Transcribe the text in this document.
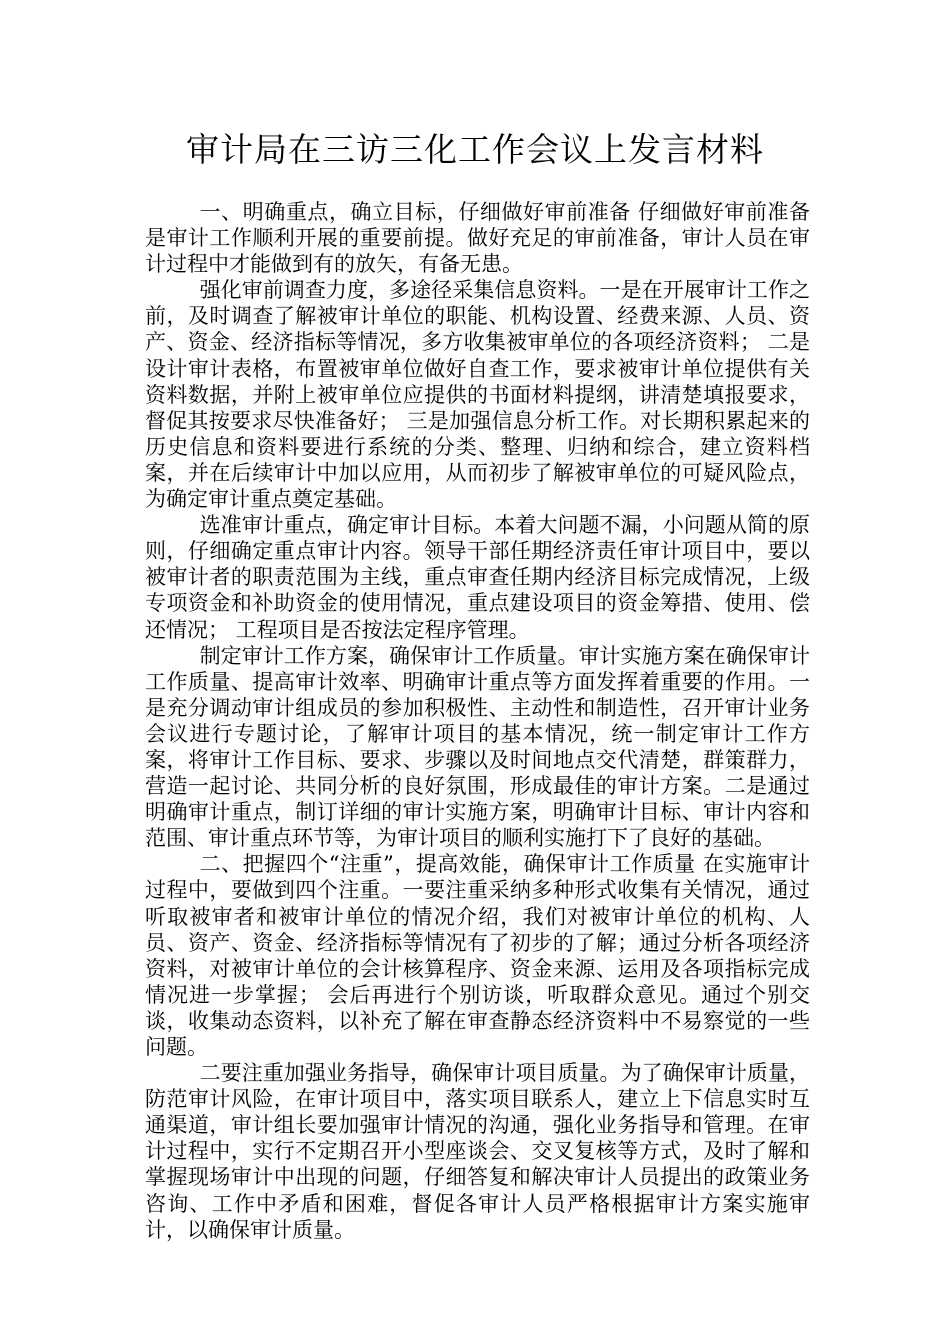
审计局在三访三化工作会议上发言材料

一、明确重点，确立目标，仔细做好审前准备 仔细做好审前准备是审计工作顺利开展的重要前提。做好充足的审前准备，审计人员在审计过程中才能做到有的放矢，有备无患。

强化审前调查力度，多途径采集信息资料。一是在开展审计工作之前，及时调查了解被审计单位的职能、机构设置、经费来源、人员、资产、资金、经济指标等情况，多方收集被审单位的各项经济资料； 二是设计审计表格，布置被审单位做好自查工作，要求被审计单位提供有关资料数据，并附上被审单位应提供的书面材料提纲，讲清楚填报要求，督促其按要求尽快准备好； 三是加强信息分析工作。对长期积累起来的历史信息和资料要进行系统的分类、整理、归纳和综合，建立资料档案，并在后续审计中加以应用，从而初步了解被审单位的可疑风险点，为确定审计重点奠定基础。

选准审计重点，确定审计目标。本着大问题不漏，小问题从简的原则，仔细确定重点审计内容。领导干部任期经济责任审计项目中，要以被审计者的职责范围为主线，重点审查任期内经济目标完成情况，上级专项资金和补助资金的使用情况，重点建设项目的资金筹措、使用、偿还情况； 工程项目是否按法定程序管理。

制定审计工作方案，确保审计工作质量。审计实施方案在确保审计工作质量、提高审计效率、明确审计重点等方面发挥着重要的作用。一是充分调动审计组成员的参加积极性、主动性和制造性，召开审计业务会议进行专题讨论，了解审计项目的基本情况，统一制定审计工作方案，将审计工作目标、要求、步骤以及时间地点交代清楚，群策群力，营造一起讨论、共同分析的良好氛围，形成最佳的审计方案。二是通过明确审计重点，制订详细的审计实施方案，明确审计目标、审计内容和范围、审计重点环节等，为审计项目的顺利实施打下了良好的基础。

二、把握四个“注重”，提高效能，确保审计工作质量 在实施审计过程中，要做到四个注重。一要注重采纳多种形式收集有关情况，通过听取被审者和被审计单位的情况介绍，我们对被审计单位的机构、人员、资产、资金、经济指标等情况有了初步的了解；通过分析各项经济资料，对被审计单位的会计核算程序、资金来源、运用及各项指标完成情况进一步掌握； 会后再进行个别访谈，听取群众意见。通过个别交谈，收集动态资料，以补充了解在审查静态经济资料中不易察觉的一些问题。

二要注重加强业务指导，确保审计项目质量。为了确保审计质量，防范审计风险，在审计项目中，落实项目联系人，建立上下信息实时互通渠道，审计组长要加强审计情况的沟通，强化业务指导和管理。在审计过程中，实行不定期召开小型座谈会、交叉复核等方式，及时了解和掌握现场审计中出现的问题，仔细答复和解决审计人员提出的政策业务咨询、工作中矛盾和困难，督促各审计人员严格根据审计方案实施审计，以确保审计质量。
